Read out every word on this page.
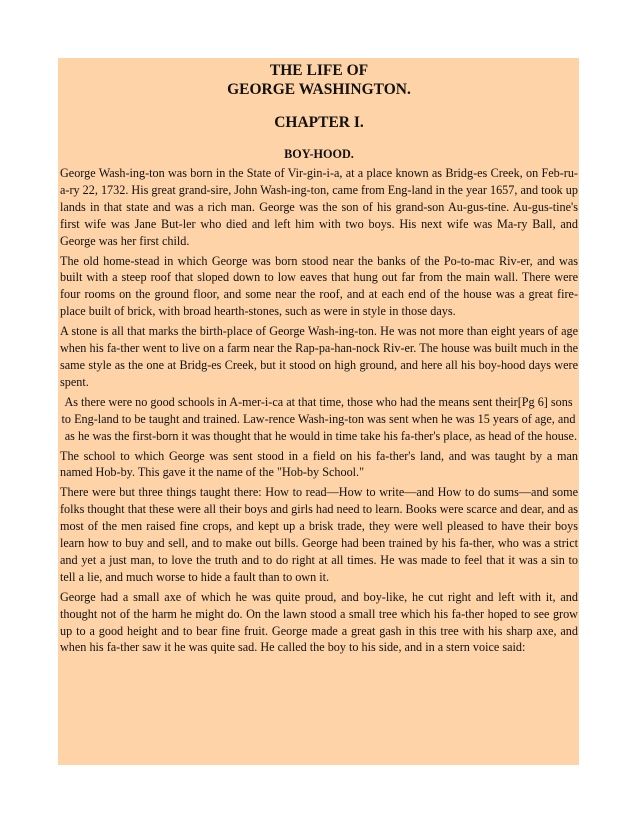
THE LIFE OF
GEORGE WASHINGTON.
CHAPTER I.
BOY-HOOD.

George Wash-ing-ton was born in the State of Vir-gin-i-a, at a place known as Bridg-es Creek, on Feb-ru-a-ry 22, 1732. His great grand-sire, John Wash-ing-ton, came from Eng-land in the year 1657, and took up lands in that state and was a rich man. George was the son of his grand-son Au-gus-tine. Au-gus-tine's first wife was Jane But-ler who died and left him with two boys. His next wife was Ma-ry Ball, and George was her first child.

The old home-stead in which George was born stood near the banks of the Po-to-mac Riv-er, and was built with a steep roof that sloped down to low eaves that hung out far from the main wall. There were four rooms on the ground floor, and some near the roof, and at each end of the house was a great fire-place built of brick, with broad hearth-stones, such as were in style in those days.

A stone is all that marks the birth-place of George Wash-ing-ton. He was not more than eight years of age when his fa-ther went to live on a farm near the Rap-pa-han-nock Riv-er. The house was built much in the same style as the one at Bridg-es Creek, but it stood on high ground, and here all his boy-hood days were spent.

As there were no good schools in A-mer-i-ca at that time, those who had the means sent their[Pg 6] sons to Eng-land to be taught and trained. Law-rence Wash-ing-ton was sent when he was 15 years of age, and as he was the first-born it was thought that he would in time take his fa-ther's place, as head of the house.

The school to which George was sent stood in a field on his fa-ther's land, and was taught by a man named Hob-by. This gave it the name of the "Hob-by School."

There were but three things taught there: How to read—How to write—and How to do sums—and some folks thought that these were all their boys and girls had need to learn. Books were scarce and dear, and as most of the men raised fine crops, and kept up a brisk trade, they were well pleased to have their boys learn how to buy and sell, and to make out bills. George had been trained by his fa-ther, who was a strict and yet a just man, to love the truth and to do right at all times. He was made to feel that it was a sin to tell a lie, and much worse to hide a fault than to own it.

George had a small axe of which he was quite proud, and boy-like, he cut right and left with it, and thought not of the harm he might do. On the lawn stood a small tree which his fa-ther hoped to see grow up to a good height and to bear fine fruit. George made a great gash in this tree with his sharp axe, and when his fa-ther saw it he was quite sad. He called the boy to his side, and in a stern voice said:
